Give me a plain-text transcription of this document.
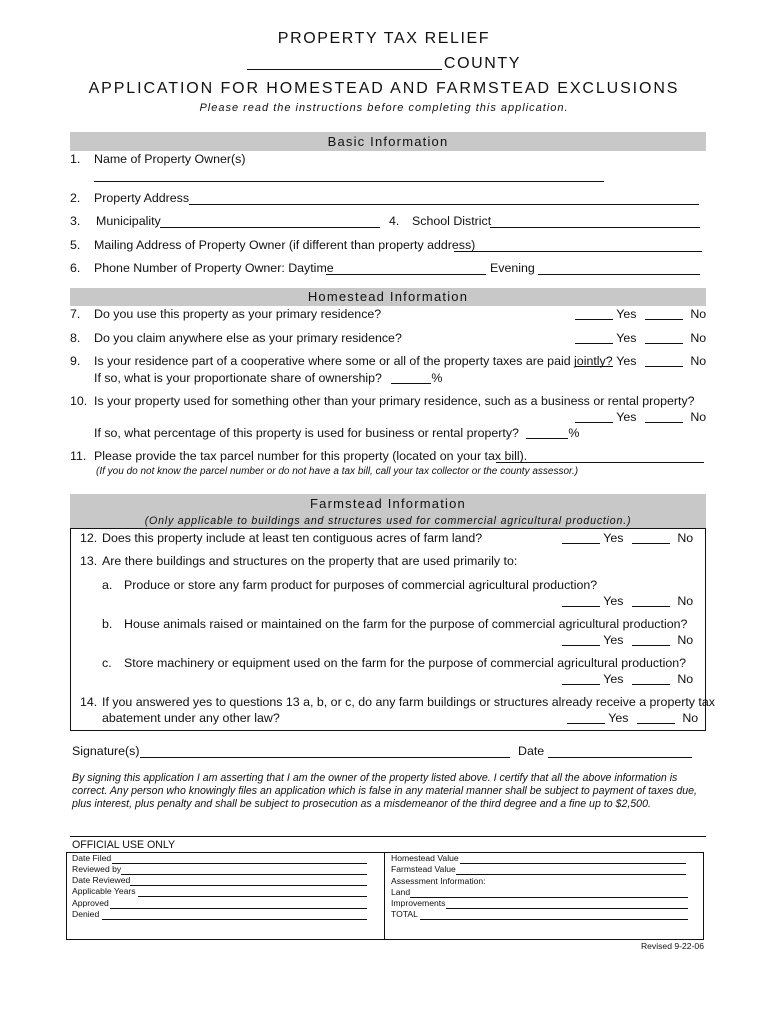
PROPERTY TAX RELIEF
COUNTY
APPLICATION FOR HOMESTEAD AND FARMSTEAD EXCLUSIONS
Please read the instructions before completing this application.
Basic Information
1. Name of Property Owner(s)
2. Property Address
3. Municipality	4. School District
5. Mailing Address of Property Owner (if different than property address)
6. Phone Number of Property Owner: Daytime	Evening
Homestead Information
7. Do you use this property as your primary residence?	Yes	No
8. Do you claim anywhere else as your primary residence?	Yes	No
9. Is your residence part of a cooperative where some or all of the property taxes are paid jointly? Yes	No
If so, what is your proportionate share of ownership?	%
10. Is your property used for something other than your primary residence, such as a business or rental property?
Yes	No
If so, what percentage of this property is used for business or rental property?	%
11. Please provide the tax parcel number for this property (located on your tax bill).
(If you do not know the parcel number or do not have a tax bill, call your tax collector or the county assessor.)
Farmstead Information
(Only applicable to buildings and structures used for commercial agricultural production.)
12. Does this property include at least ten contiguous acres of farm land?	Yes	No
13. Are there buildings and structures on the property that are used primarily to:
a. Produce or store any farm product for purposes of commercial agricultural production?
Yes	No
b. House animals raised or maintained on the farm for the purpose of commercial agricultural production?
Yes	No
c. Store machinery or equipment used on the farm for the purpose of commercial agricultural production?
Yes	No
14. If you answered yes to questions 13 a, b, or c, do any farm buildings or structures already receive a property tax
abatement under any other law?	Yes	No
Signature(s)	Date
By signing this application I am asserting that I am the owner of the property listed above. I certify that all the above information is correct. Any person who knowingly files an application which is false in any material manner shall be subject to payment of taxes due, plus interest, plus penalty and shall be subject to prosecution as a misdemeanor of the third degree and a fine up to $2,500.
OFFICIAL USE ONLY
Date Filed
Reviewed by
Date Reviewed
Applicable Years
Approved
Denied
Homestead Value
Farmstead Value
Assessment Information:
Land
Improvements
TOTAL
Revised 9-22-06
